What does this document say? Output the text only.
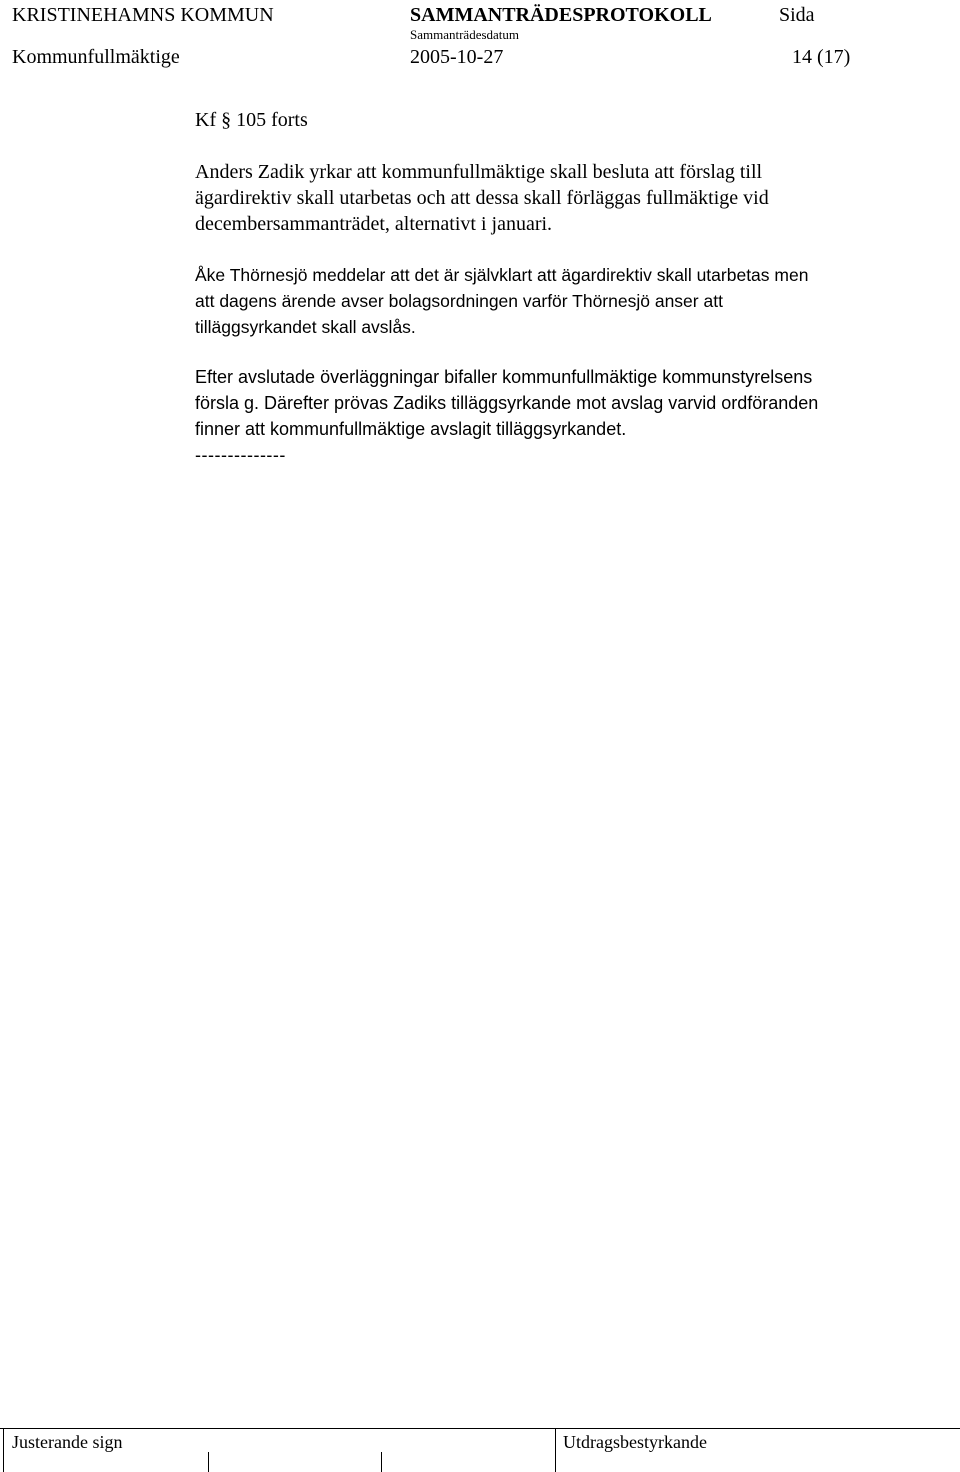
KRISTINEHAMNS KOMMUN	SAMMANTRÄDESPROTOKOLL	Sida
Sammanträdesdatum
Kommunfullmäktige	2005-10-27	14 (17)
Kf § 105 forts
Anders Zadik yrkar att kommunfullmäktige skall besluta att förslag till
ägardirektiv skall utarbetas och att dessa skall förläggas fullmäktige vid
decembersammanträdet, alternativt i januari.
Åke Thörnesjö meddelar att det är självklart att ägardirektiv skall utarbetas men
att dagens ärende avser bolagsordningen varför Thörnesjö anser att
tilläggsyrkandet skall avslås.
Efter avslutade överläggningar bifaller kommunfullmäktige kommunstyrelsens
försla g. Därefter prövas Zadiks tilläggsyrkande mot avslag varvid ordföranden
finner att kommunfullmäktige avslagit tilläggsyrkandet.
--------------
Justerande sign	Utdragsbestyrkande
